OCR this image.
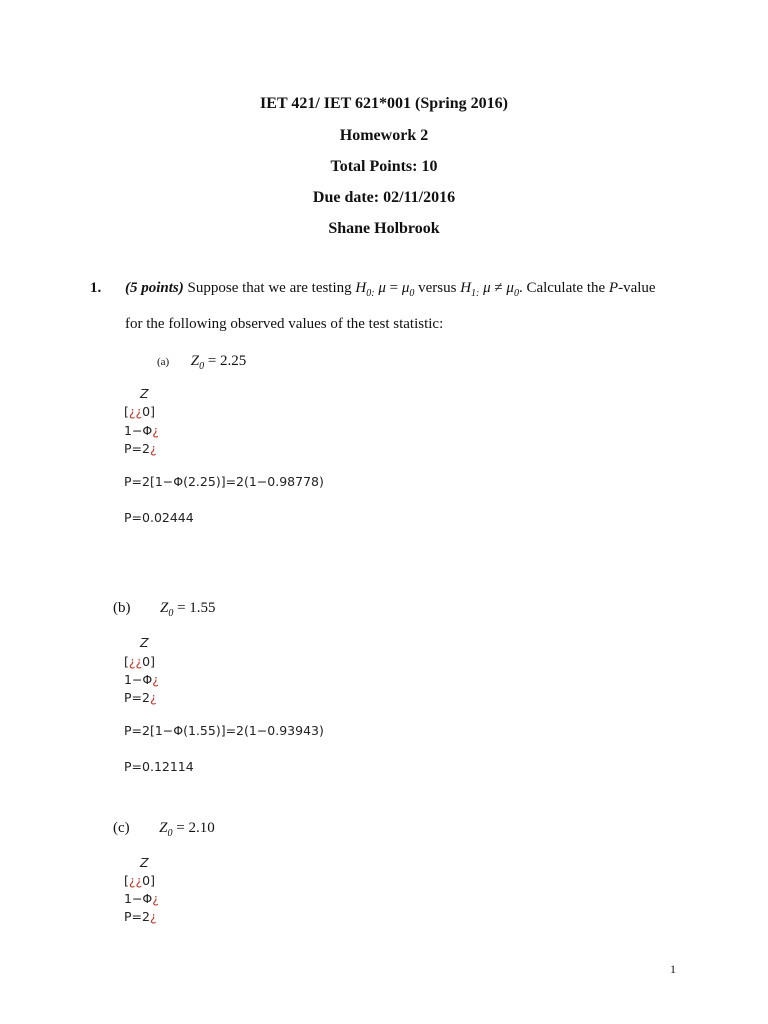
IET 421/ IET 621*001 (Spring 2016)
Homework 2
Total Points: 10
Due date: 02/11/2016
Shane Holbrook
1. (5 points) Suppose that we are testing $H_{0:}$ $\mu = \mu_0$ versus $H_{1:}$ $\mu \ne \mu_0$. Calculate the P-value
for the following observed values of the test statistic:
(a) $Z_0 = 2.25$
Z
[¿¿0]
1−Φ¿
P=2¿
P=2[1−Φ(2.25)]=2(1−0.98778)
P=0.02444
(b) $Z_0 = 1.55$
Z
[¿¿0]
1−Φ¿
P=2¿
P=2[1−Φ(1.55)]=2(1−0.93943)
P=0.12114
(c) $Z_0 = 2.10$
Z
[¿¿0]
1−Φ¿
P=2¿
1
